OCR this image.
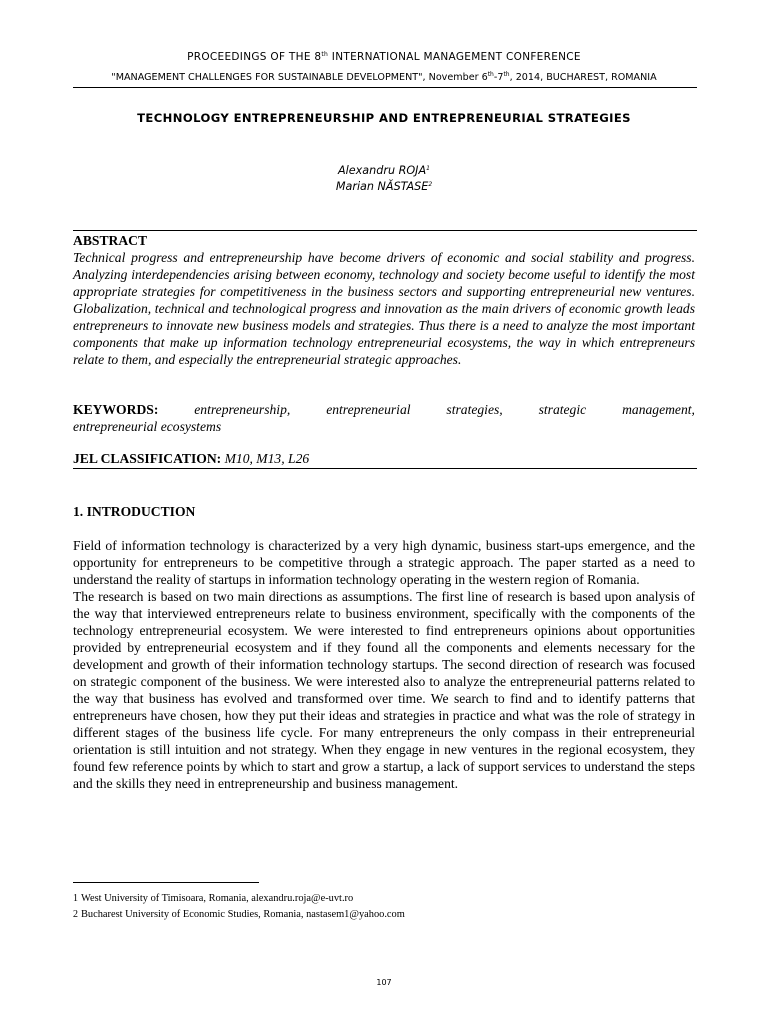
PROCEEDINGS OF THE 8th INTERNATIONAL MANAGEMENT CONFERENCE
"MANAGEMENT CHALLENGES FOR SUSTAINABLE DEVELOPMENT", November 6th-7th, 2014, BUCHAREST, ROMANIA
TECHNOLOGY ENTREPRENEURSHIP AND ENTREPRENEURIAL STRATEGIES
Alexandru ROJA$^1$
Marian NĂSTASE$^2$
ABSTRACT
Technical progress and entrepreneurship have become drivers of economic and social stability and progress. Analyzing interdependencies arising between economy, technology and society become useful to identify the most appropriate strategies for competitiveness in the business sectors and supporting entrepreneurial new ventures. Globalization, technical and technological progress and innovation as the main drivers of economic growth leads entrepreneurs to innovate new business models and strategies. Thus there is a need to analyze the most important components that make up information technology entrepreneurial ecosystems, the way in which entrepreneurs relate to them, and especially the entrepreneurial strategic approaches.
KEYWORDS:	entrepreneurship,	entrepreneurial	strategies,	strategic	management,
entrepreneurial ecosystems
JEL CLASSIFICATION: M10, M13, L26
1. INTRODUCTION
Field of information technology is characterized by a very high dynamic, business start-ups emergence, and the opportunity for entrepreneurs to be competitive through a strategic approach. The paper started as a need to understand the reality of startups in information technology operating in the western region of Romania.
The research is based on two main directions as assumptions. The first line of research is based upon analysis of the way that interviewed entrepreneurs relate to business environment, specifically with the components of the technology entrepreneurial ecosystem. We were interested to find entrepreneurs opinions about opportunities provided by entrepreneurial ecosystem and if they found all the components and elements necessary for the development and growth of their information technology startups. The second direction of research was focused on strategic component of the business. We were interested also to analyze the entrepreneurial patterns related to the way that business has evolved and transformed over time. We search to find and to identify patterns that entrepreneurs have chosen, how they put their ideas and strategies in practice and what was the role of strategy in different stages of the business life cycle. For many entrepreneurs the only compass in their entrepreneurial orientation is still intuition and not strategy. When they engage in new ventures in the regional ecosystem, they found few reference points by which to start and grow a startup, a lack of support services to understand the steps and the skills they need in entrepreneurship and business management.
1 West University of Timisoara, Romania, alexandru.roja@e-uvt.ro
2 Bucharest University of Economic Studies, Romania, nastasem1@yahoo.com
107
